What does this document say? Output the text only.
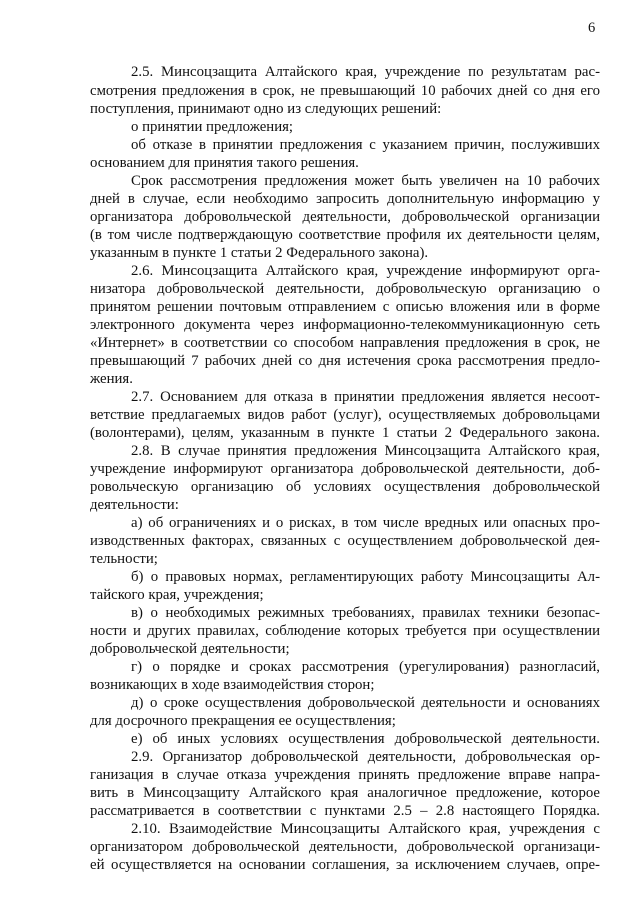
6
2.5. Минсоцзащита Алтайского края, учреждение по результатам рас-
смотрения предложения в срок, не превышающий 10 рабочих дней со дня его
поступления, принимают одно из следующих решений:
о принятии предложения;
об отказе в принятии предложения с указанием причин, послуживших
основанием для принятия такого решения.
Срок рассмотрения предложения может быть увеличен на 10 рабочих
дней в случае, если необходимо запросить дополнительную информацию у
организатора добровольческой деятельности, добровольческой организации
(в том числе подтверждающую соответствие профиля их деятельности целям,
указанным в пункте 1 статьи 2 Федерального закона).
2.6. Минсоцзащита Алтайского края, учреждение информируют орга-
низатора добровольческой деятельности, добровольческую организацию о
принятом решении почтовым отправлением с описью вложения или в форме
электронного документа через информационно-телекоммуникационную сеть
«Интернет» в соответствии со способом направления предложения в срок, не
превышающий 7 рабочих дней со дня истечения срока рассмотрения предло-
жения.
2.7. Основанием для отказа в принятии предложения является несоот-
ветствие предлагаемых видов работ (услуг), осуществляемых добровольцами
(волонтерами), целям, указанным в пункте 1 статьи 2 Федерального закона.
2.8. В случае принятия предложения Минсоцзащита Алтайского края,
учреждение информируют организатора добровольческой деятельности, доб-
ровольческую организацию об условиях осуществления добровольческой
деятельности:
а) об ограничениях и о рисках, в том числе вредных или опасных про-
изводственных факторах, связанных с осуществлением добровольческой дея-
тельности;
б) о правовых нормах, регламентирующих работу Минсоцзащиты Ал-
тайского края, учреждения;
в) о необходимых режимных требованиях, правилах техники безопас-
ности и других правилах, соблюдение которых требуется при осуществлении
добровольческой деятельности;
г) о порядке и сроках рассмотрения (урегулирования) разногласий,
возникающих в ходе взаимодействия сторон;
д) о сроке осуществления добровольческой деятельности и основаниях
для досрочного прекращения ее осуществления;
е) об иных условиях осуществления добровольческой деятельности.
2.9. Организатор добровольческой деятельности, добровольческая ор-
ганизация в случае отказа учреждения принять предложение вправе напра-
вить в Минсоцзащиту Алтайского края аналогичное предложение, которое
рассматривается в соответствии с пунктами 2.5 – 2.8 настоящего Порядка.
2.10. Взаимодействие Минсоцзащиты Алтайского края, учреждения с
организатором добровольческой деятельности, добровольческой организаци-
ей осуществляется на основании соглашения, за исключением случаев, опре-
